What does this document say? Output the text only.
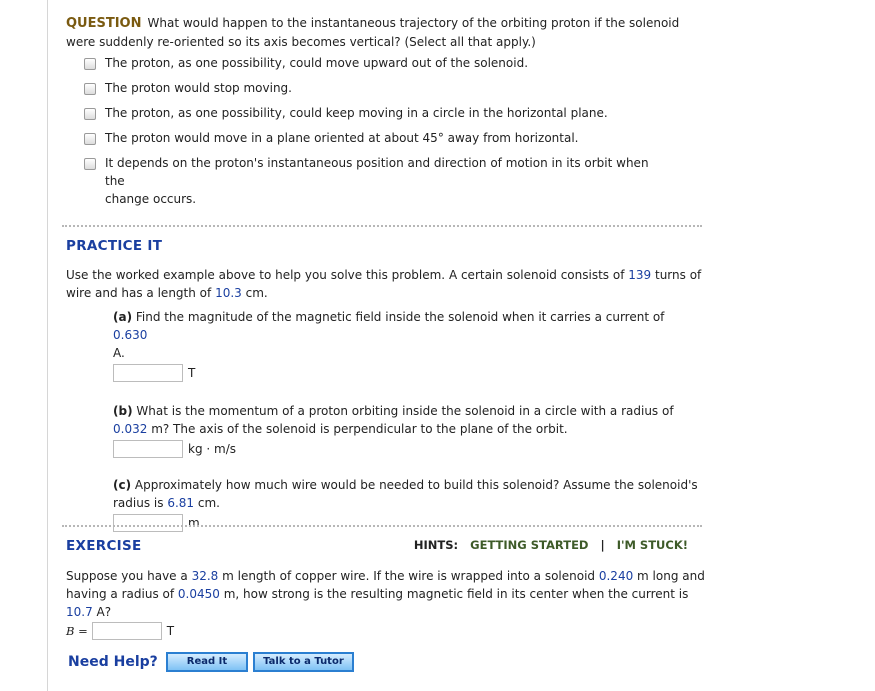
QUESTION What would happen to the instantaneous trajectory of the orbiting proton if the solenoid
were suddenly re-oriented so its axis becomes vertical? (Select all that apply.)
The proton, as one possibility, could move upward out of the solenoid.
The proton would stop moving.
The proton, as one possibility, could keep moving in a circle in the horizontal plane.
The proton would move in a plane oriented at about 45° away from horizontal.
It depends on the proton's instantaneous position and direction of motion in its orbit when the
change occurs.
PRACTICE IT
Use the worked example above to help you solve this problem. A certain solenoid consists of 139 turns of
wire and has a length of 10.3 cm.
(a) Find the magnitude of the magnetic field inside the solenoid when it carries a current of 0.630
A.
T
(b) What is the momentum of a proton orbiting inside the solenoid in a circle with a radius of
0.032 m? The axis of the solenoid is perpendicular to the plane of the orbit.
kg · m/s
(c) Approximately how much wire would be needed to build this solenoid? Assume the solenoid's
radius is 6.81 cm.
m
EXERCISE	HINTS: GETTING STARTED | I'M STUCK!
Suppose you have a 32.8 m length of copper wire. If the wire is wrapped into a solenoid 0.240 m long and
having a radius of 0.0450 m, how strong is the resulting magnetic field in its center when the current is
10.7 A?
B =	T
Need Help?	Read It	Talk to a Tutor
